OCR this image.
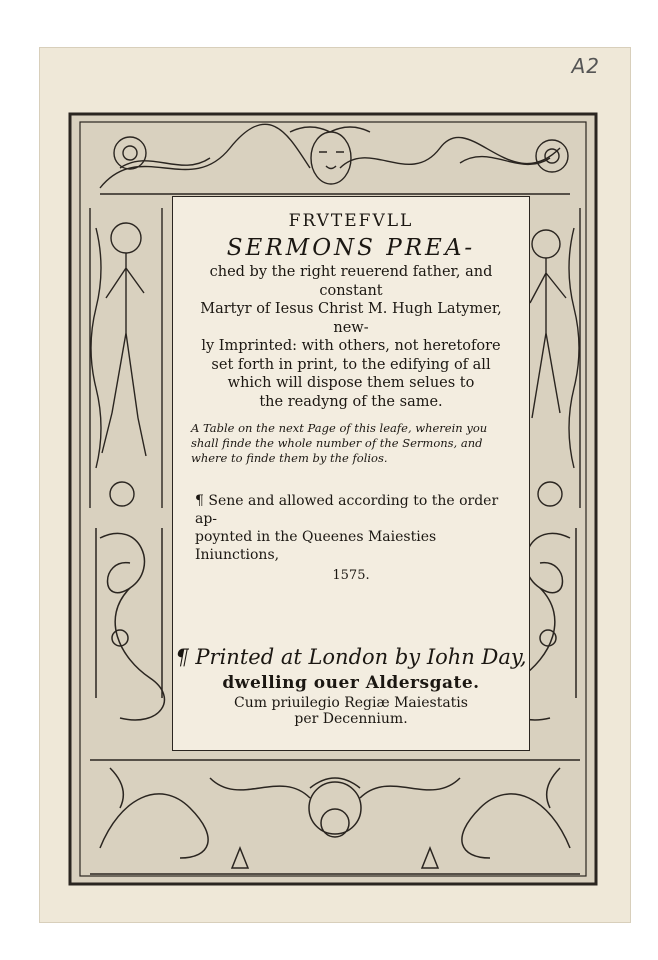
A2
FRVTEFVLL
SERMONS PREA-
ched by the right reuerend father, and constant
Martyr of Iesus Christ M. Hugh Latymer, new-
ly Imprinted: with others, not heretofore
set forth in print, to the edifying of all
which will dispose them selues to
the readyng of the same.
A Table on the next Page of this leafe, wherein you
shall finde the whole number of the Sermons, and
where to finde them by the folios.
¶ Sene and allowed according to the order ap-
poynted in the Queenes Maiesties
Iniunctions,
1575.
¶ Printed at London by Iohn Day,
dwelling ouer Aldersgate.
Cum priuilegio Regiæ Maiestatis
per Decennium.
